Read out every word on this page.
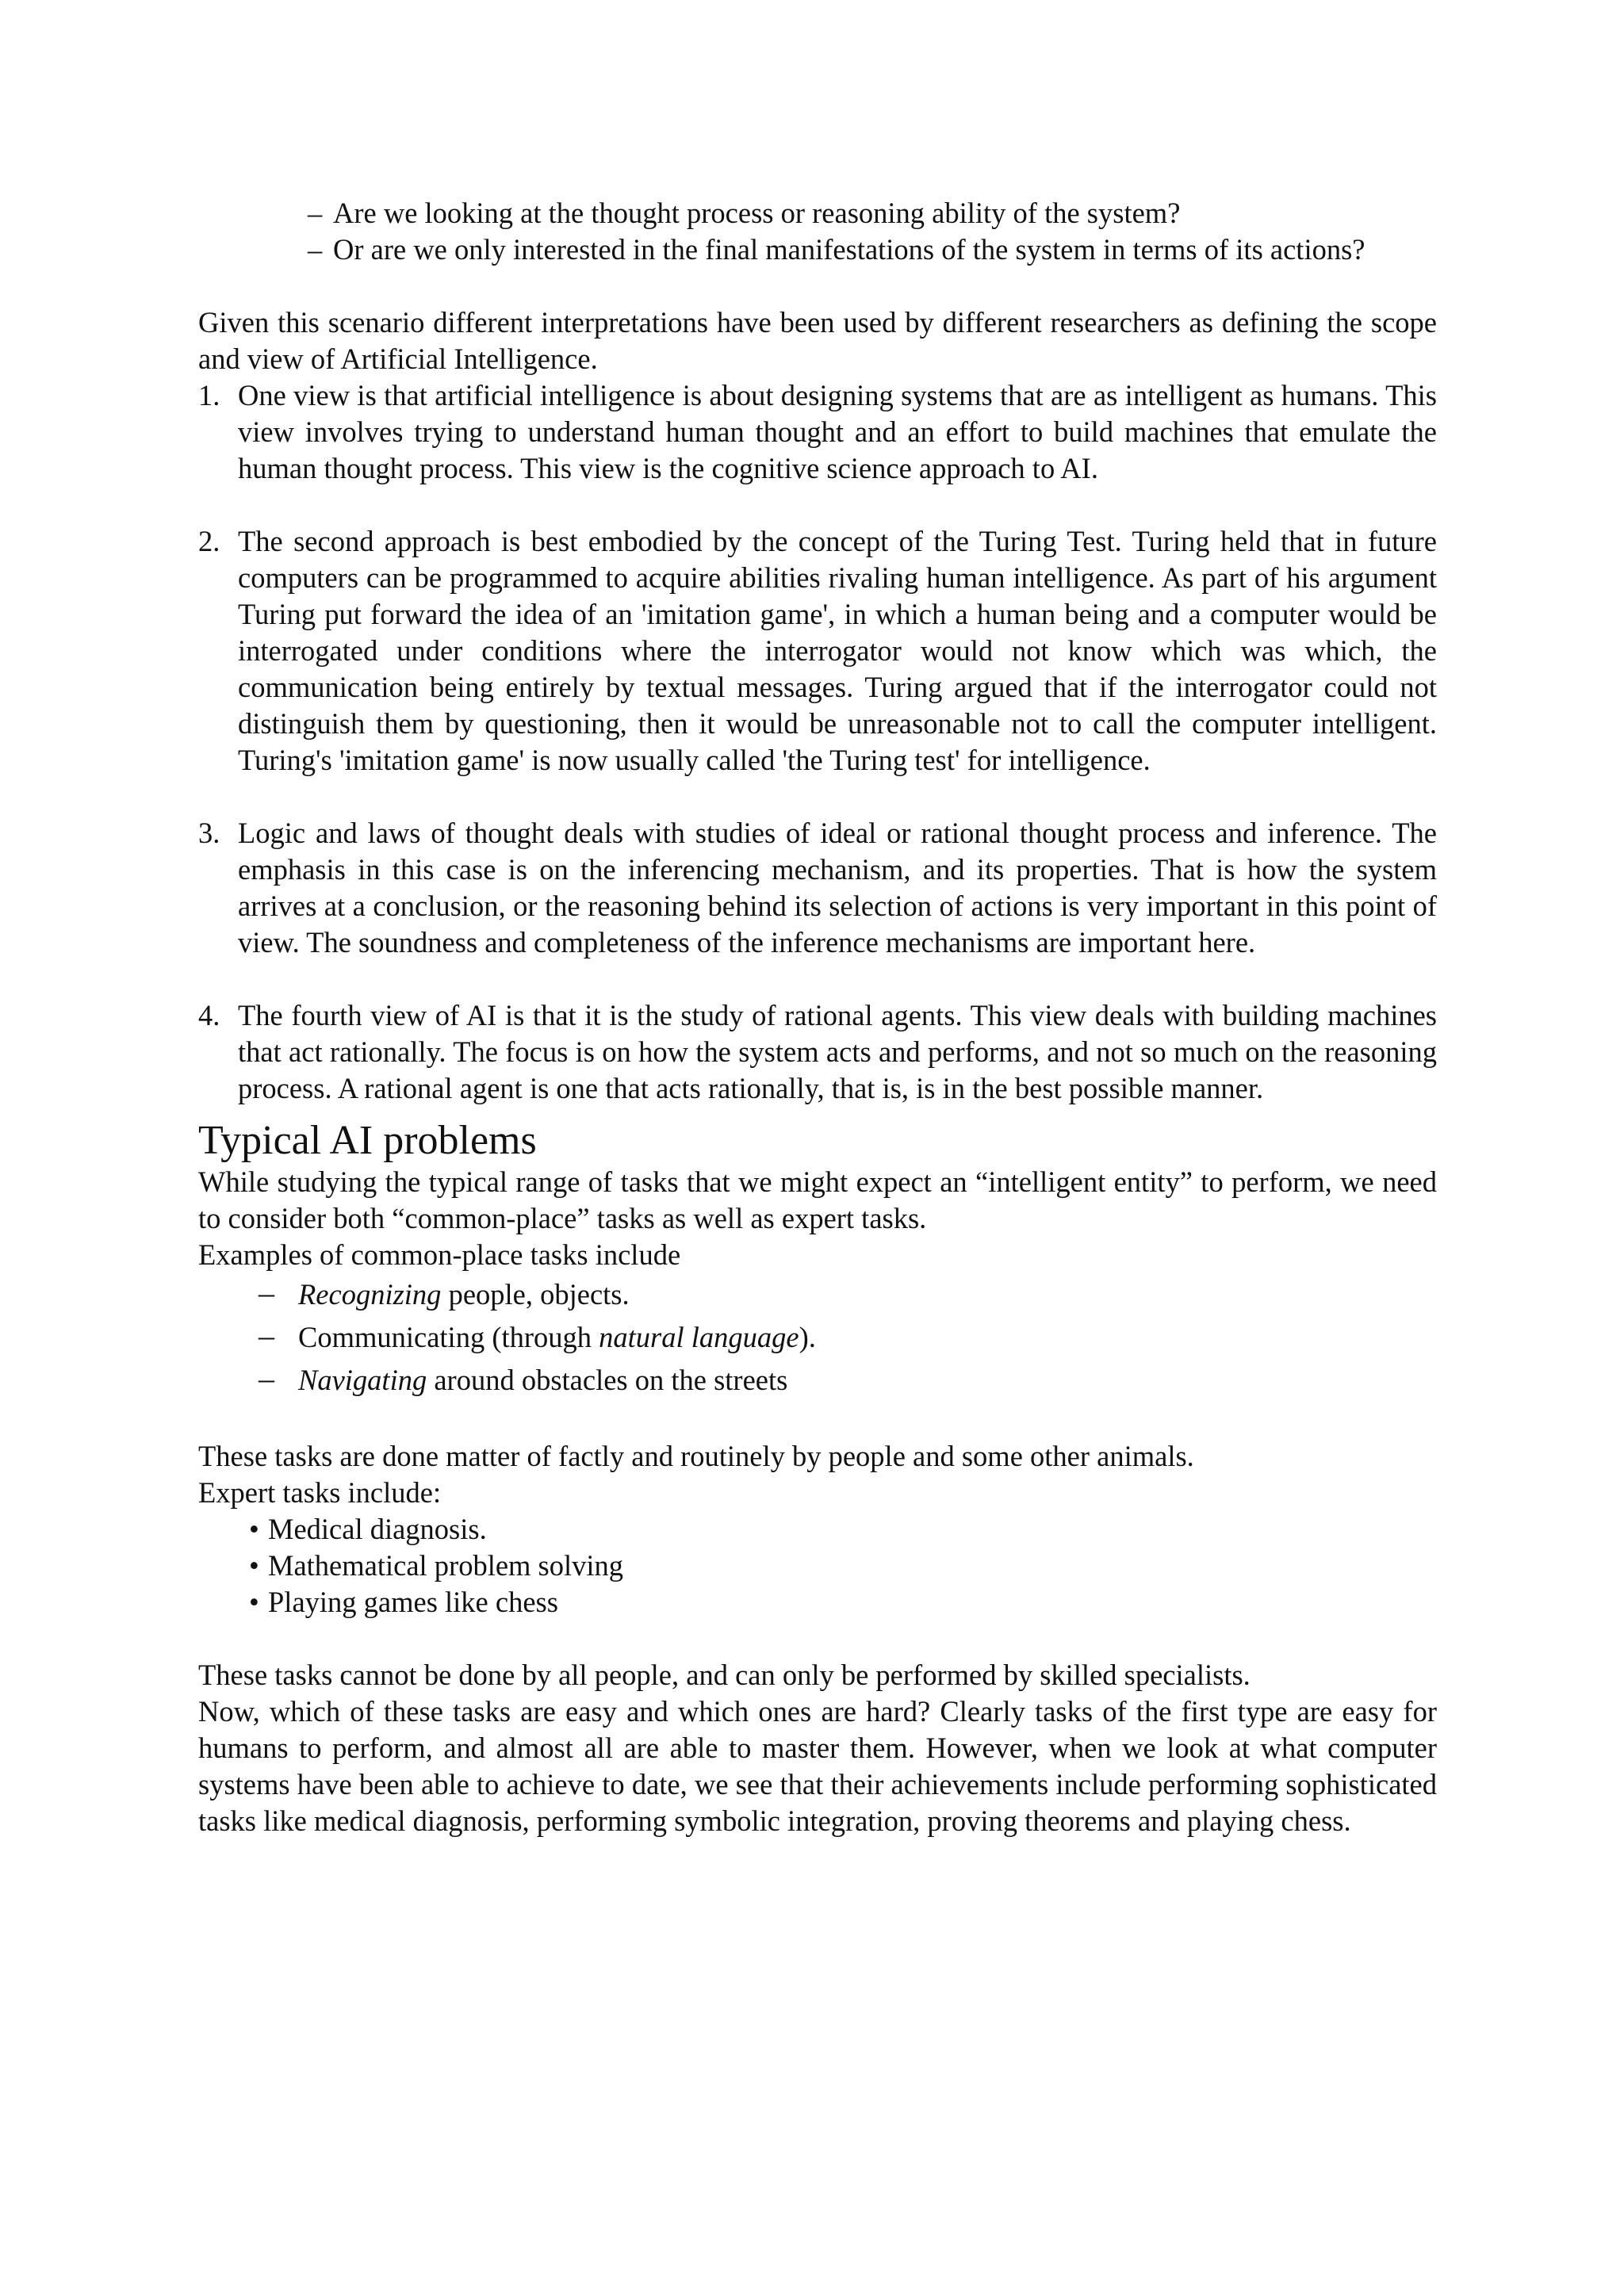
– Are we looking at the thought process or reasoning ability of the system?
– Or are we only interested in the final manifestations of the system in terms of its actions?

Given this scenario different interpretations have been used by different researchers as defining the scope and view of Artificial Intelligence.

1. One view is that artificial intelligence is about designing systems that are as intelligent as humans. This view involves trying to understand human thought and an effort to build machines that emulate the human thought process. This view is the cognitive science approach to AI.
2. The second approach is best embodied by the concept of the Turing Test. Turing held that in future computers can be programmed to acquire abilities rivaling human intelligence. As part of his argument Turing put forward the idea of an 'imitation game', in which a human being and a computer would be interrogated under conditions where the interrogator would not know which was which, the communication being entirely by textual messages. Turing argued that if the interrogator could not distinguish them by questioning, then it would be unreasonable not to call the computer intelligent. Turing's 'imitation game' is now usually called 'the Turing test' for intelligence.
3. Logic and laws of thought deals with studies of ideal or rational thought process and inference. The emphasis in this case is on the inferencing mechanism, and its properties. That is how the system arrives at a conclusion, or the reasoning behind its selection of actions is very important in this point of view. The soundness and completeness of the inference mechanisms are important here.
4. The fourth view of AI is that it is the study of rational agents. This view deals with building machines that act rationally. The focus is on how the system acts and performs, and not so much on the reasoning process. A rational agent is one that acts rationally, that is, is in the best possible manner.
Typical AI problems

While studying the typical range of tasks that we might expect an “intelligent entity” to perform, we need to consider both “common-place” tasks as well as expert tasks.

Examples of common-place tasks include

– Recognizing people, objects.
– Communicating (through natural language).
– Navigating around obstacles on the streets

These tasks are done matter of factly and routinely by people and some other animals.

Expert tasks include:

• Medical diagnosis.
• Mathematical problem solving
• Playing games like chess

These tasks cannot be done by all people, and can only be performed by skilled specialists.

Now, which of these tasks are easy and which ones are hard? Clearly tasks of the first type are easy for humans to perform, and almost all are able to master them. However, when we look at what computer systems have been able to achieve to date, we see that their achievements include performing sophisticated tasks like medical diagnosis, performing symbolic integration, proving theorems and playing chess.
